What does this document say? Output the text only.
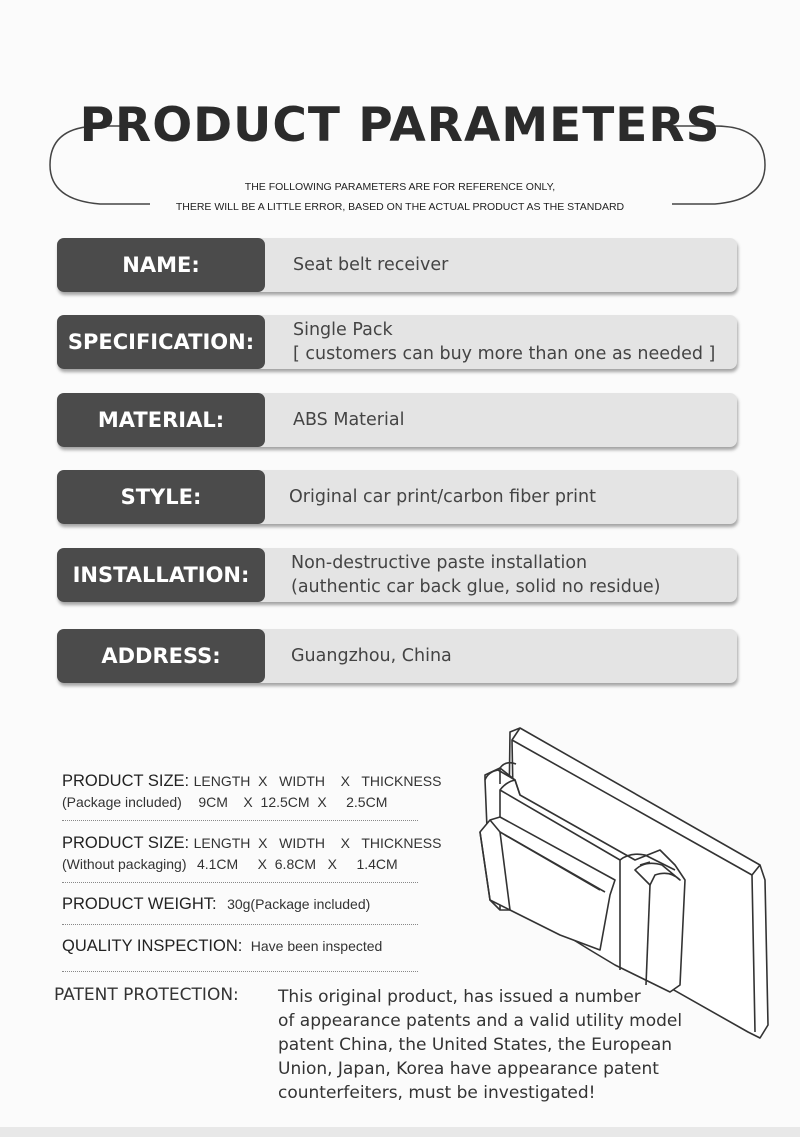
PRODUCT PARAMETERS
THE FOLLOWING PARAMETERS ARE FOR REFERENCE ONLY,
THERE WILL BE A LITTLE ERROR, BASED ON THE ACTUAL PRODUCT AS THE STANDARD
NAME:	Seat belt receiver
SPECIFICATION:	Single Pack
[ customers can buy more than one as needed ]
MATERIAL:	ABS Material
STYLE:	Original car print/carbon fiber print
INSTALLATION:	Non-destructive paste installation
(authentic car back glue, solid no residue)
ADDRESS:	Guangzhou, China
PRODUCT SIZE: LENGTH  X   WIDTH    X   THICKNESS
(Package included) 9CM    X  12.5CM  X     2.5CM
PRODUCT SIZE: LENGTH  X   WIDTH    X   THICKNESS
(Without packaging) 4.1CM     X  6.8CM   X     1.4CM
PRODUCT WEIGHT: 30g(Package included)
QUALITY INSPECTION: Have been inspected
PATENT PROTECTION: This original product, has issued a number
of appearance patents and a valid utility model
patent China, the United States, the European
Union, Japan, Korea have appearance patent
counterfeiters, must be investigated!
